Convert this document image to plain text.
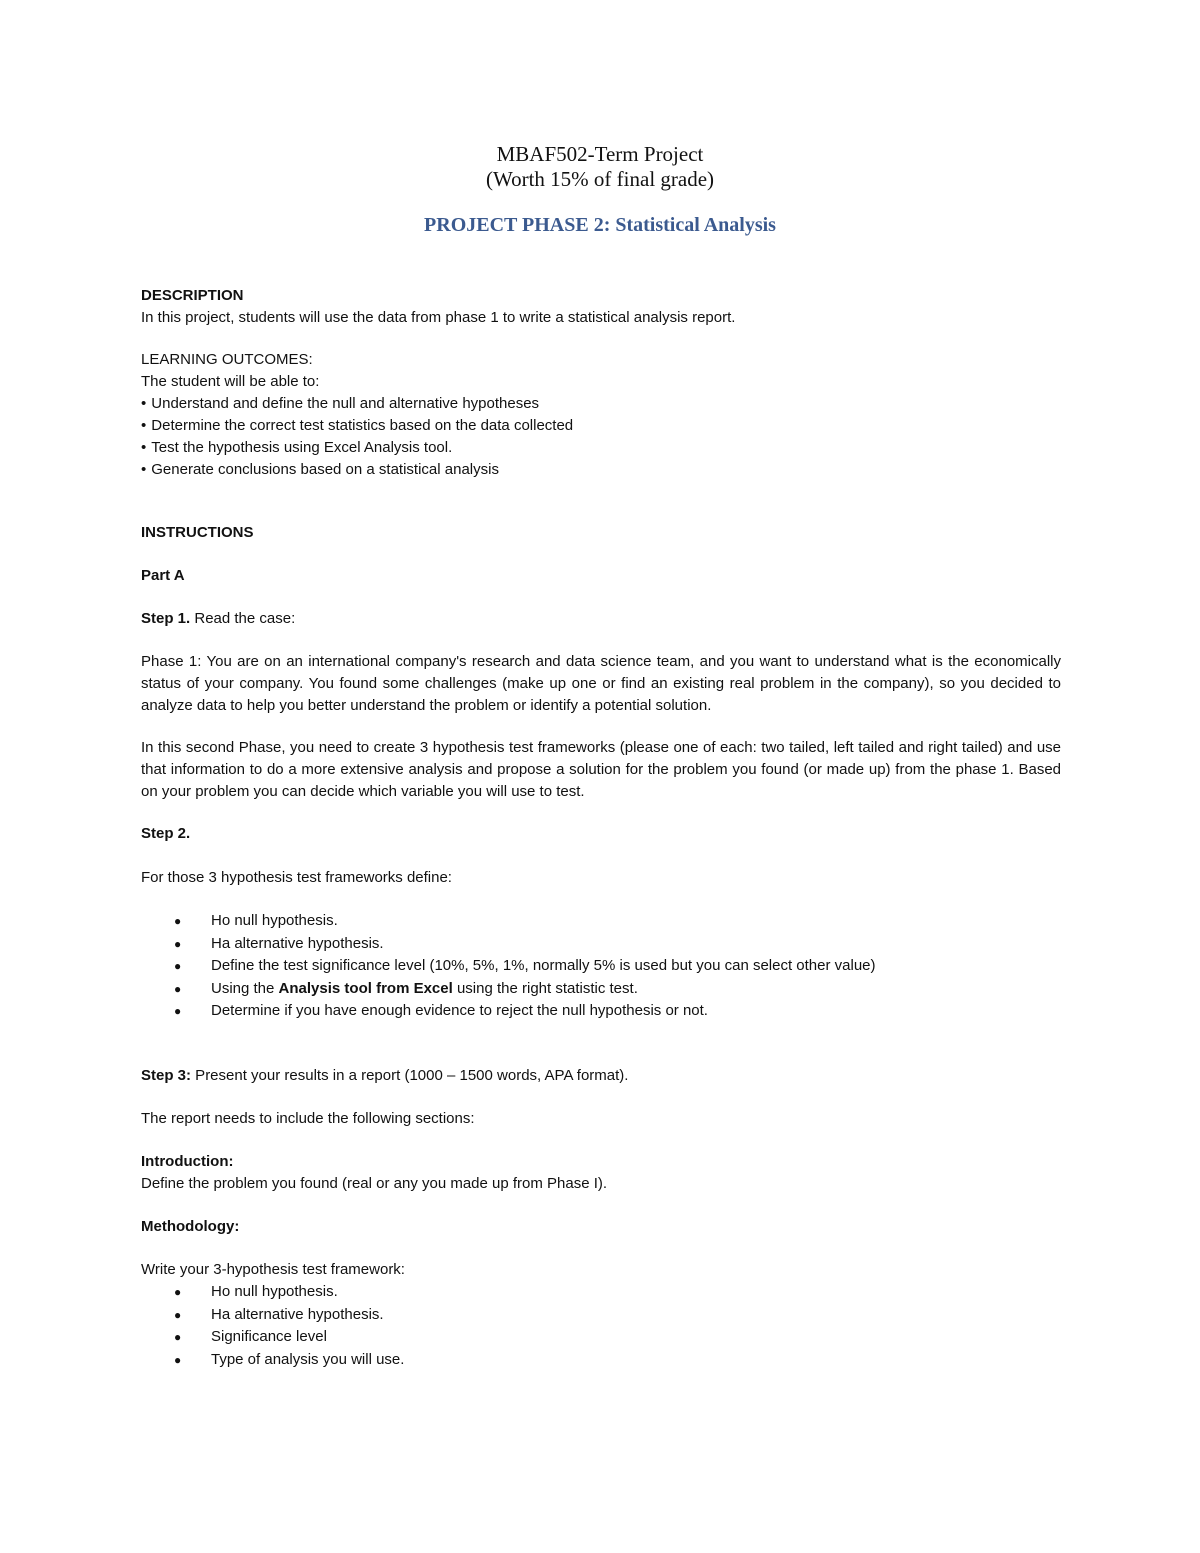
MBAF502-Term Project
(Worth 15% of final grade)
PROJECT PHASE 2: Statistical Analysis
DESCRIPTION
In this project, students will use the data from phase 1 to write a statistical analysis report.
LEARNING OUTCOMES:
The student will be able to:
• Understand and define the null and alternative hypotheses
• Determine the correct test statistics based on the data collected
• Test the hypothesis using Excel Analysis tool.
• Generate conclusions based on a statistical analysis
INSTRUCTIONS
Part A
Step 1. Read the case:
Phase 1: You are on an international company's research and data science team, and you want to understand what is the economically status of your company. You found some challenges (make up one or find an existing real problem in the company), so you decided to analyze data to help you better understand the problem or identify a potential solution.
In this second Phase, you need to create 3 hypothesis test frameworks (please one of each: two tailed, left tailed and right tailed) and use that information to do a more extensive analysis and propose a solution for the problem you found (or made up) from the phase 1. Based on your problem you can decide which variable you will use to test.
Step 2.
For those 3 hypothesis test frameworks define:
● Ho null hypothesis.
● Ha alternative hypothesis.
● Define the test significance level (10%, 5%, 1%, normally 5% is used but you can select other value)
● Using the Analysis tool from Excel using the right statistic test.
● Determine if you have enough evidence to reject the null hypothesis or not.
Step 3: Present your results in a report (1000 – 1500 words, APA format).
The report needs to include the following sections:
Introduction:
Define the problem you found (real or any you made up from Phase I).
Methodology:
Write your 3-hypothesis test framework:
● Ho null hypothesis.
● Ha alternative hypothesis.
● Significance level
● Type of analysis you will use.
